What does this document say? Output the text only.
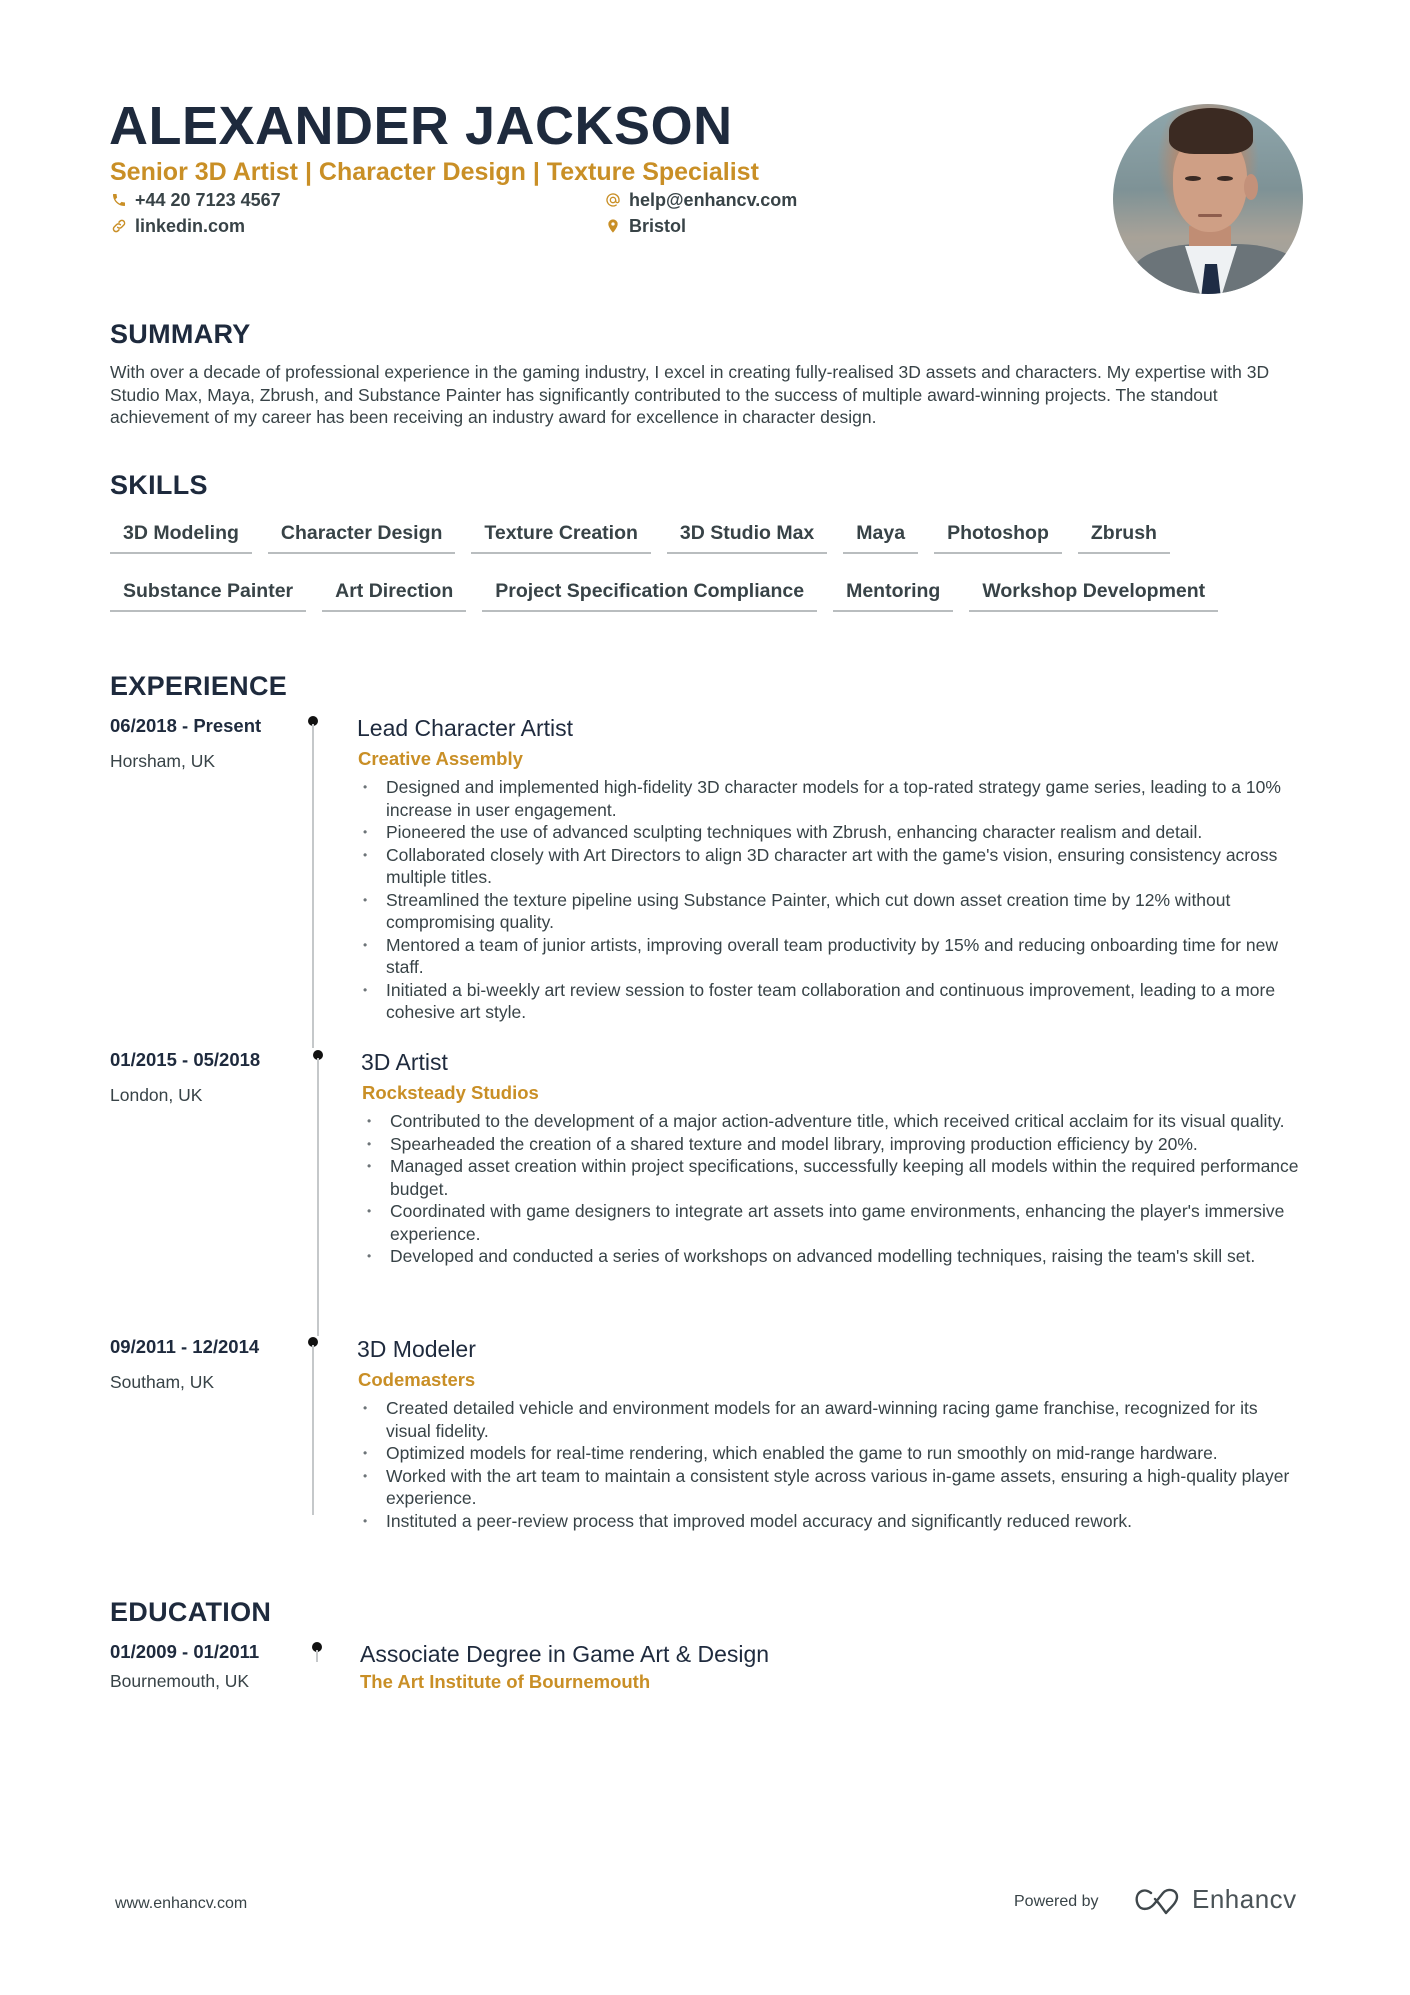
ALEXANDER JACKSON
Senior 3D Artist | Character Design | Texture Specialist
+44 20 7123 4567
linkedin.com
help@enhancv.com
Bristol
SUMMARY
With over a decade of professional experience in the gaming industry, I excel in creating fully-realised 3D assets and characters. My expertise with 3D Studio Max, Maya, Zbrush, and Substance Painter has significantly contributed to the success of multiple award-winning projects. The standout achievement of my career has been receiving an industry award for excellence in character design.
SKILLS
3D Modeling	Character Design	Texture Creation	3D Studio Max	Maya	Photoshop	Zbrush
Substance Painter	Art Direction	Project Specification Compliance	Mentoring	Workshop Development
EXPERIENCE
06/2018 - Present
Horsham, UK
Lead Character Artist
Creative Assembly
• Designed and implemented high-fidelity 3D character models for a top-rated strategy game series, leading to a 10% increase in user engagement.
• Pioneered the use of advanced sculpting techniques with Zbrush, enhancing character realism and detail.
• Collaborated closely with Art Directors to align 3D character art with the game's vision, ensuring consistency across multiple titles.
• Streamlined the texture pipeline using Substance Painter, which cut down asset creation time by 12% without compromising quality.
• Mentored a team of junior artists, improving overall team productivity by 15% and reducing onboarding time for new staff.
• Initiated a bi-weekly art review session to foster team collaboration and continuous improvement, leading to a more cohesive art style.
01/2015 - 05/2018
London, UK
3D Artist
Rocksteady Studios
• Contributed to the development of a major action-adventure title, which received critical acclaim for its visual quality.
• Spearheaded the creation of a shared texture and model library, improving production efficiency by 20%.
• Managed asset creation within project specifications, successfully keeping all models within the required performance budget.
• Coordinated with game designers to integrate art assets into game environments, enhancing the player's immersive experience.
• Developed and conducted a series of workshops on advanced modelling techniques, raising the team's skill set.
09/2011 - 12/2014
Southam, UK
3D Modeler
Codemasters
• Created detailed vehicle and environment models for an award-winning racing game franchise, recognized for its visual fidelity.
• Optimized models for real-time rendering, which enabled the game to run smoothly on mid-range hardware.
• Worked with the art team to maintain a consistent style across various in-game assets, ensuring a high-quality player experience.
• Instituted a peer-review process that improved model accuracy and significantly reduced rework.
EDUCATION
01/2009 - 01/2011
Bournemouth, UK
Associate Degree in Game Art & Design
The Art Institute of Bournemouth
www.enhancv.com	Powered by	Enhancv
